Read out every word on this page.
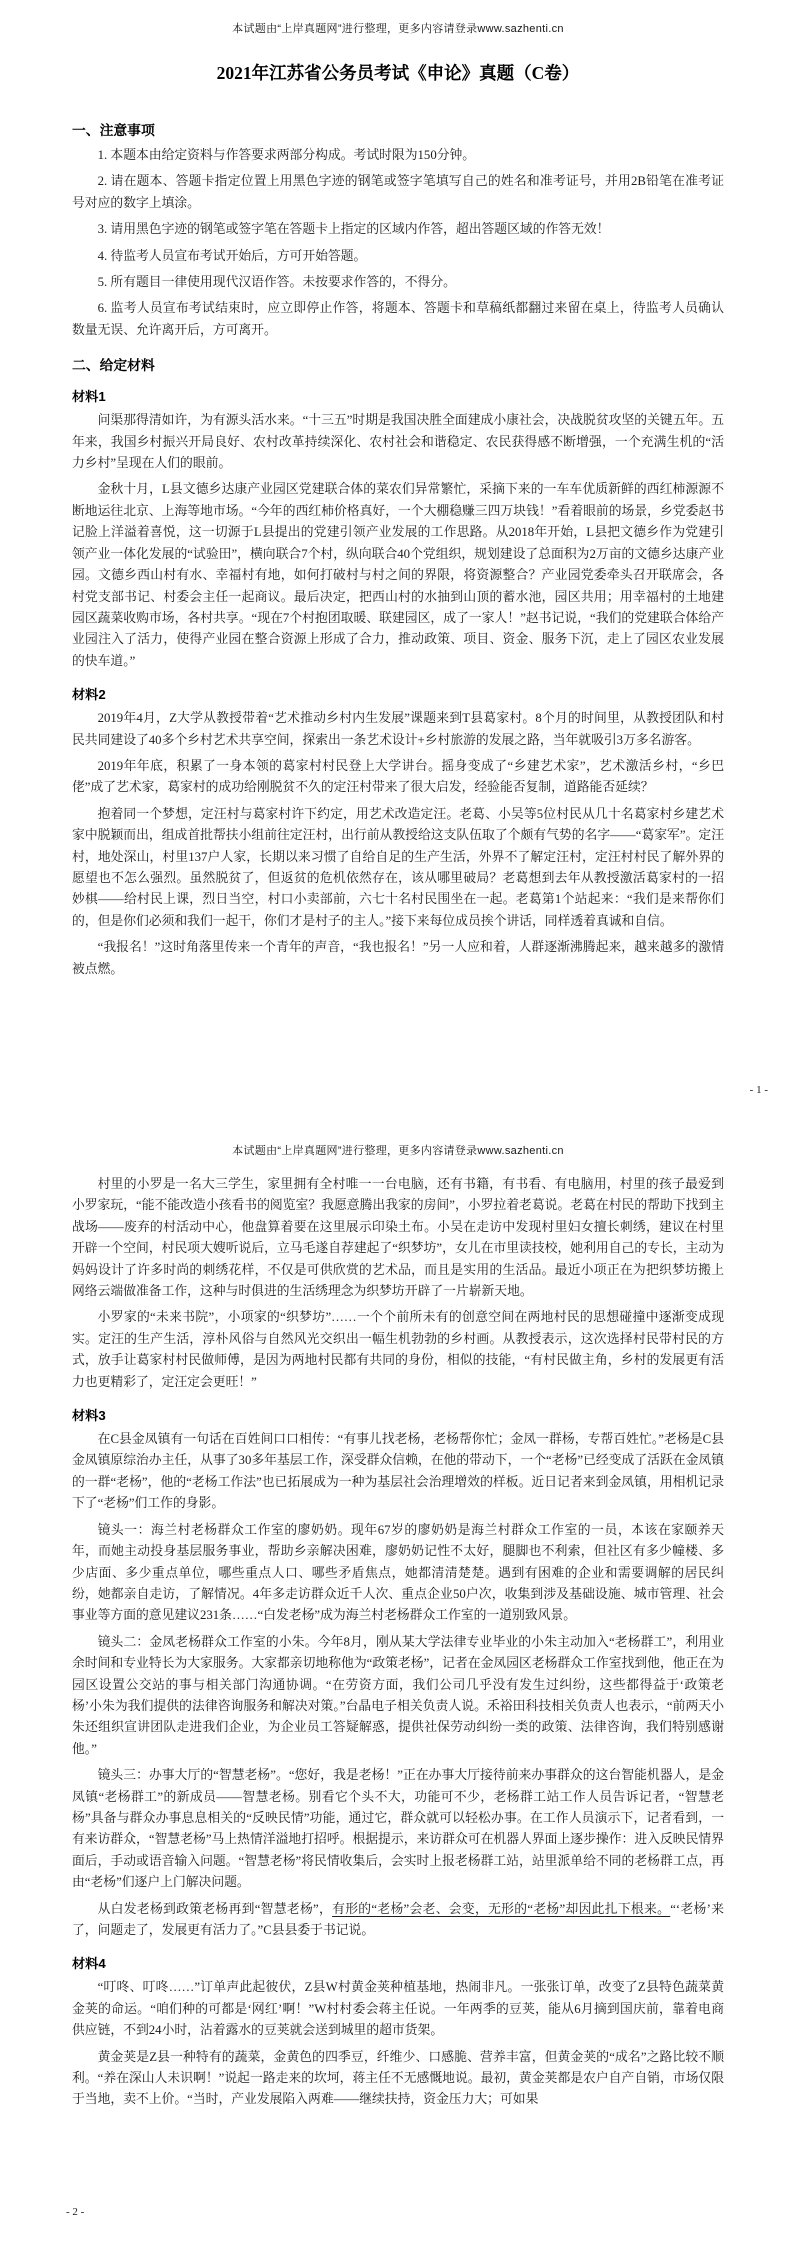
本试题由“上岸真题网”进行整理，更多内容请登录www.sazhenti.cn
2021年江苏省公务员考试《申论》真题（C卷）
一、注意事项

1. 本题本由给定资料与作答要求两部分构成。考试时限为150分钟。

2. 请在题本、答题卡指定位置上用黑色字迹的钢笔或签字笔填写自己的姓名和准考证号，并用2B铅笔在准考证号对应的数字上填涂。

3. 请用黑色字迹的钢笔或签字笔在答题卡上指定的区域内作答，超出答题区域的作答无效！

4. 待监考人员宣布考试开始后，方可开始答题。

5. 所有题目一律使用现代汉语作答。未按要求作答的，不得分。

6. 监考人员宣布考试结束时，应立即停止作答，将题本、答题卡和草稿纸都翻过来留在桌上，待监考人员确认数量无误、允许离开后，方可离开。

二、给定材料
材料1

问渠那得清如许，为有源头活水来。“十三五”时期是我国决胜全面建成小康社会，决战脱贫攻坚的关键五年。五年来，我国乡村振兴开局良好、农村改革持续深化、农村社会和谐稳定、农民获得感不断增强，一个充满生机的“活力乡村”呈现在人们的眼前。

金秋十月，L县文德乡达康产业园区党建联合体的菜农们异常繁忙，采摘下来的一车车优质新鲜的西红柿源源不断地运往北京、上海等地市场。“今年的西红柿价格真好，一个大棚稳赚三四万块钱！”看着眼前的场景，乡党委赵书记脸上洋溢着喜悦，这一切源于L县提出的党建引领产业发展的工作思路。从2018年开始，L县把文德乡作为党建引领产业一体化发展的“试验田”，横向联合7个村，纵向联合40个党组织，规划建设了总面积为2万亩的文德乡达康产业园。文德乡西山村有水、幸福村有地，如何打破村与村之间的界限，将资源整合？产业园党委牵头召开联席会，各村党支部书记、村委会主任一起商议。最后决定，把西山村的水抽到山顶的蓄水池，园区共用；用幸福村的土地建园区蔬菜收购市场，各村共享。“现在7个村抱团取暖、联建园区，成了一家人！”赵书记说，“我们的党建联合体给产业园注入了活力，使得产业园在整合资源上形成了合力，推动政策、项目、资金、服务下沉，走上了园区农业发展的快车道。”

材料2

2019年4月，Z大学从教授带着“艺术推动乡村内生发展”课题来到T县葛家村。8个月的时间里，从教授团队和村民共同建设了40多个乡村艺术共享空间，探索出一条艺术设计+乡村旅游的发展之路，当年就吸引3万多名游客。

2019年年底，积累了一身本领的葛家村村民登上大学讲台。摇身变成了“乡建艺术家”，艺术激活乡村，“乡巴佬”成了艺术家，葛家村的成功给刚脱贫不久的定汪村带来了很大启发，经验能否复制，道路能否延续？

抱着同一个梦想，定汪村与葛家村许下约定，用艺术改造定汪。老葛、小吴等5位村民从几十名葛家村乡建艺术家中脱颖而出，组成首批帮扶小组前往定汪村，出行前从教授给这支队伍取了个颇有气势的名字——“葛家军”。定汪村，地处深山，村里137户人家，长期以来习惯了自给自足的生产生活，外界不了解定汪村，定汪村村民了解外界的愿望也不怎么强烈。虽然脱贫了，但返贫的危机依然存在，该从哪里破局？老葛想到去年从教授激活葛家村的一招妙棋——给村民上课，烈日当空，村口小卖部前，六七十名村民围坐在一起。老葛第1个站起来：“我们是来帮你们的，但是你们必须和我们一起干，你们才是村子的主人。”接下来每位成员挨个讲话，同样透着真诚和自信。

“我报名！”这时角落里传来一个青年的声音，“我也报名！”另一人应和着，人群逐渐沸腾起来，越来越多的激情被点燃。

- 1 -
本试题由“上岸真题网”进行整理，更多内容请登录www.sazhenti.cn

村里的小罗是一名大三学生，家里拥有全村唯一一台电脑，还有书籍，有书看、有电脑用，村里的孩子最爱到小罗家玩，“能不能改造小孩看书的阅览室？我愿意腾出我家的房间”，小罗拉着老葛说。老葛在村民的帮助下找到主战场——废弃的村活动中心，他盘算着要在这里展示印染土布。小吴在走访中发现村里妇女擅长刺绣，建议在村里开辟一个空间，村民项大嫂听说后，立马毛遂自荐建起了“织梦坊”，女儿在市里读技校，她利用自己的专长，主动为妈妈设计了许多时尚的刺绣花样，不仅是可供欣赏的艺术品，而且是实用的生活品。最近小项正在为把织梦坊搬上网络云端做准备工作，这种与时俱进的生活绣理念为织梦坊开辟了一片崭新天地。

小罗家的“未来书院”，小项家的“织梦坊”……一个个前所未有的创意空间在两地村民的思想碰撞中逐渐变成现实。定汪的生产生活，淳朴风俗与自然风光交织出一幅生机勃勃的乡村画。从教授表示，这次选择村民带村民的方式，放手让葛家村村民做师傅，是因为两地村民都有共同的身份，相似的技能，“有村民做主角，乡村的发展更有活力也更精彩了，定汪定会更旺！”

材料3

在C县金凤镇有一句话在百姓间口口相传：“有事儿找老杨，老杨帮你忙；金凤一群杨，专帮百姓忙。”老杨是C县金凤镇原综治办主任，从事了30多年基层工作，深受群众信赖，在他的带动下，一个“老杨”已经变成了活跃在金凤镇的一群“老杨”，他的“老杨工作法”也已拓展成为一种为基层社会治理增效的样板。近日记者来到金凤镇，用相机记录下了“老杨”们工作的身影。

镜头一：海兰村老杨群众工作室的廖奶奶。现年67岁的廖奶奶是海兰村群众工作室的一员，本该在家颐养天年，而她主动投身基层服务事业，帮助乡亲解决困难，廖奶奶记性不太好，腿脚也不利索，但社区有多少幢楼、多少店面、多少重点单位，哪些重点人口、哪些矛盾焦点，她都清清楚楚。遇到有困难的企业和需要调解的居民纠纷，她都亲自走访，了解情况。4年多走访群众近千人次、重点企业50户次，收集到涉及基础设施、城市管理、社会事业等方面的意见建议231条……“白发老杨”成为海兰村老杨群众工作室的一道别致风景。

镜头二：金凤老杨群众工作室的小朱。今年8月，刚从某大学法律专业毕业的小朱主动加入“老杨群工”，利用业余时间和专业特长为大家服务。大家都亲切地称他为“政策老杨”，记者在金凤园区老杨群众工作室找到他，他正在为园区设置公交站的事与相关部门沟通协调。“在劳资方面，我们公司几乎没有发生过纠纷，这些都得益于‘政策老杨’小朱为我们提供的法律咨询服务和解决对策。”台晶电子相关负责人说。禾裕田科技相关负责人也表示，“前两天小朱还组织宣讲团队走进我们企业，为企业员工答疑解惑，提供社保劳动纠纷一类的政策、法律咨询，我们特别感谢他。”

镜头三：办事大厅的“智慧老杨”。“您好，我是老杨！”正在办事大厅接待前来办事群众的这台智能机器人，是金凤镇“老杨群工”的新成员——智慧老杨。别看它个头不大，功能可不少，老杨群工站工作人员告诉记者，“智慧老杨”具备与群众办事息息相关的“反映民情”功能，通过它，群众就可以轻松办事。在工作人员演示下，记者看到，一有来访群众，“智慧老杨”马上热情洋溢地打招呼。根据提示，来访群众可在机器人界面上逐步操作：进入反映民情界面后，手动或语音输入问题。“智慧老杨”将民情收集后，会实时上报老杨群工站，站里派单给不同的老杨群工点，再由“老杨”们逐户上门解决问题。

从白发老杨到政策老杨再到“智慧老杨”，有形的“老杨”会老、会变，无形的“老杨”却因此扎下根来。“‘老杨’来了，问题走了，发展更有活力了。”C县县委于书记说。

材料4

“叮咚、叮咚……”订单声此起彼伏，Z县W村黄金荚种植基地，热闹非凡。一张张订单，改变了Z县特色蔬菜黄金荚的命运。“咱们种的可都是‘网红’啊！”W村村委会蒋主任说。一年两季的豆荚，能从6月摘到国庆前，靠着电商供应链，不到24小时，沾着露水的豆荚就会送到城里的超市货架。

黄金荚是Z县一种特有的蔬菜，金黄色的四季豆，纤维少、口感脆、营养丰富，但黄金荚的“成名”之路比较不顺利。“养在深山人未识啊！”说起一路走来的坎坷，蒋主任不无感慨地说。最初，黄金荚都是农户自产自销，市场仅限于当地，卖不上价。“当时，产业发展陷入两难——继续扶持，资金压力大；可如果

- 2 -
